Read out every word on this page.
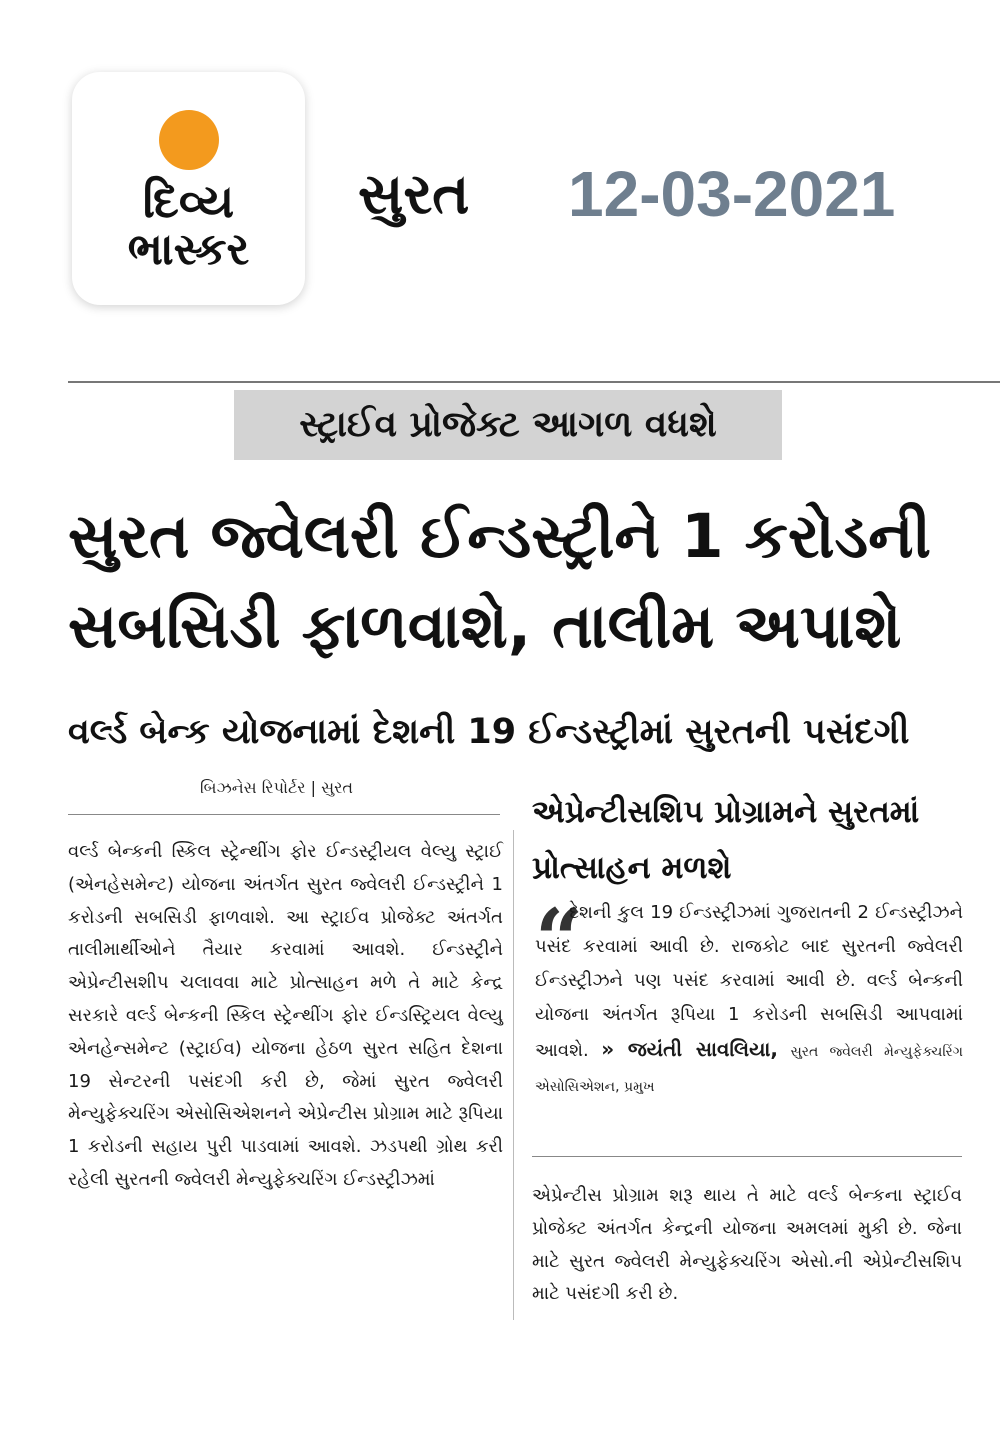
દિવ્ય
ભાસ્કર
સુરત 12-03-2021
સ્ટ્રાઈવ પ્રોજેક્ટ આગળ વધશે
સુરત જ્વેલરી ઈન્ડસ્ટ્રીને 1 કરોડની
સબસિડી ફાળવાશે, તાલીમ અપાશે
વર્લ્ડ બેન્ક યોજનામાં દેશની 19 ઈન્ડસ્ટ્રીમાં સુરતની પસંદગી
બિઝનેસ રિપોર્ટર | સુરત
વર્લ્ડ બેન્કની સ્કિલ સ્ટ્રેન્થીંગ ફોર ઈન્ડસ્ટ્રીયલ વેલ્યુ સ્ટ્રાઈ (એનહેસમેન્ટ) યોજના અંતર્ગત સુરત જ્વેલરી ઈન્ડસ્ટ્રીને 1 કરોડની સબસિડી ફાળવાશે. આ સ્ટ્રાઈવ પ્રોજેક્ટ અંતર્ગત તાલીમાર્થીઓને તૈયાર કરવામાં આવશે. ઈન્ડસ્ટ્રીને એપ્રેન્ટીસશીપ ચલાવવા માટે પ્રોત્સાહન મળે તે માટે કેન્દ્ર સરકારે વર્લ્ડ બેન્કની સ્કિલ સ્ટ્રેન્થીંગ ફોર ઈન્ડસ્ટ્રિયલ વેલ્યુ એનહેન્સમેન્ટ (સ્ટ્રાઈવ) યોજના હેઠળ સુરત સહિત દેશના 19 સેન્ટરની પસંદગી કરી છે, જેમાં સુરત જ્વેલરી મેન્યુફેક્ચરિંગ એસોસિએશનને એપ્રેન્ટીસ પ્રોગ્રામ માટે રૂપિયા 1 કરોડની સહાય પુરી પાડવામાં આવશે. ઝડપથી ગ્રોથ કરી રહેલી સુરતની જ્વેલરી મેન્યુફેક્ચરિંગ ઈન્ડસ્ટ્રીઝમાં
એપ્રેન્ટીસશિપ પ્રોગ્રામને સુરતમાં પ્રોત્સાહન મળશે
“
દેશની કુલ 19 ઈન્ડસ્ટ્રીઝમાં ગુજરાતની 2 ઈન્ડસ્ટ્રીઝને પસંદ કરવામાં આવી છે. રાજકોટ બાદ સુરતની જ્વેલરી ઈન્ડસ્ટ્રીઝને પણ પસંદ કરવામાં આવી છે. વર્લ્ડ બેન્કની યોજના અંતર્ગત રૂપિયા 1 કરોડની સબસિડી આપવામાં આવશે. » જયંતી સાવલિયા, સુરત જ્વેલરી મેન્યુફેક્ચરિંગ એસોસિએશન, પ્રમુખ
એપ્રેન્ટીસ પ્રોગ્રામ શરૂ થાય તે માટે વર્લ્ડ બેન્કના સ્ટ્રાઈવ પ્રોજેક્ટ અંતર્ગત કેન્દ્રની યોજના અમલમાં મુકી છે. જેના માટે સુરત જ્વેલરી મેન્યુફેક્ચરિંગ એસો.ની એપ્રેન્ટીસશિપ માટે પસંદગી કરી છે.
